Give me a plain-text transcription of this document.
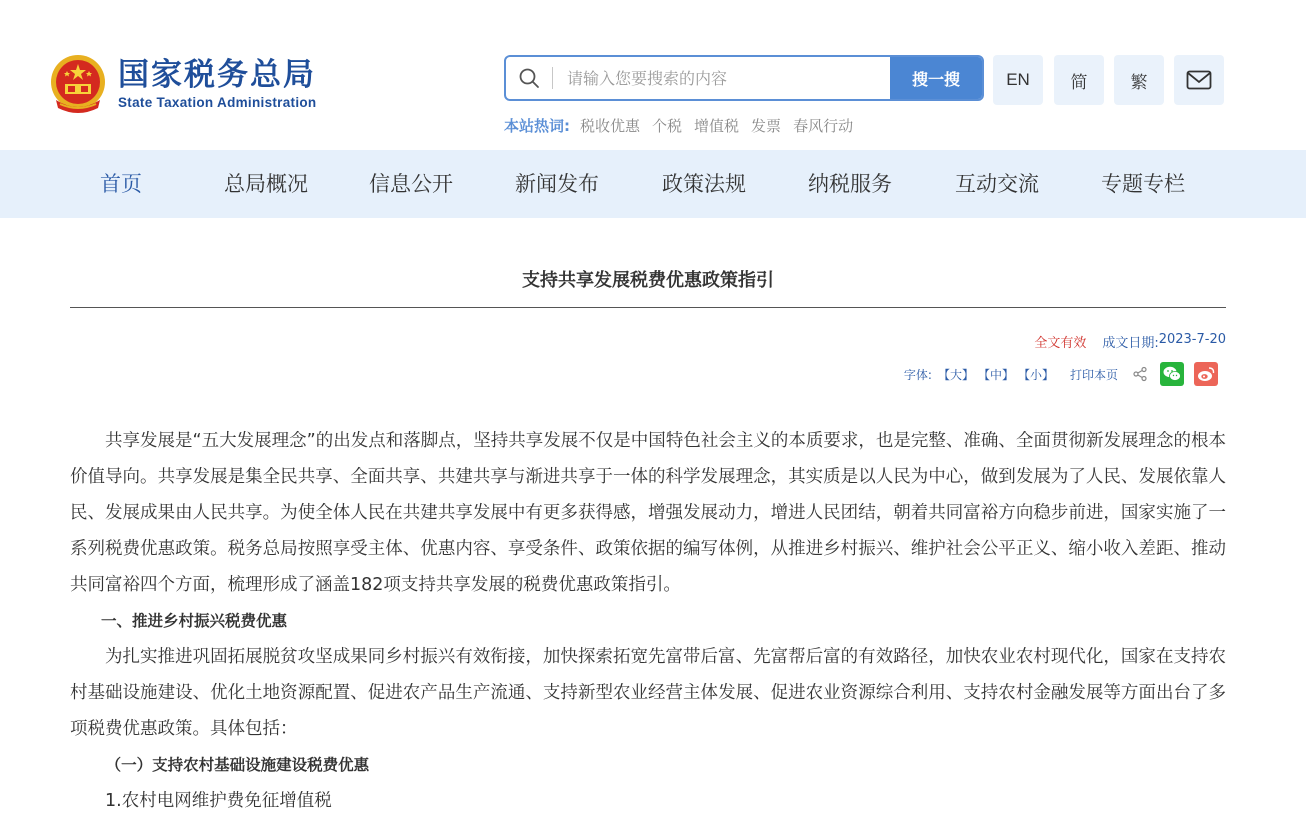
国家税务总局
State Taxation Administration
请输入您要搜索的内容
搜一搜	EN	简	繁
本站热词: 税收优惠 个税 增值税 发票 春风行动
首页	总局概况	信息公开	新闻发布	政策法规	纳税服务	互动交流	专题专栏
支持共享发展税费优惠政策指引
全文有效 成文日期: 2023-7-20
字体: 【大】 【中】 【小】 打印本页

共享发展是“五大发展理念”的出发点和落脚点，坚持共享发展不仅是中国特色社会主义的本质要求，也是完整、准确、全面贯彻新发展理念的根本价值导向。共享发展是集全民共享、全面共享、共建共享与渐进共享于一体的科学发展理念，其实质是以人民为中心，做到发展为了人民、发展依靠人民、发展成果由人民共享。为使全体人民在共建共享发展中有更多获得感，增强发展动力，增进人民团结，朝着共同富裕方向稳步前进，国家实施了一系列税费优惠政策。税务总局按照享受主体、优惠内容、享受条件、政策依据的编写体例，从推进乡村振兴、维护社会公平正义、缩小收入差距、推动共同富裕四个方面，梳理形成了涵盖182项支持共享发展的税费优惠政策指引。

一、推进乡村振兴税费优惠

为扎实推进巩固拓展脱贫攻坚成果同乡村振兴有效衔接，加快探索拓宽先富带后富、先富帮后富的有效路径，加快农业农村现代化，国家在支持农村基础设施建设、优化土地资源配置、促进农产品生产流通、支持新型农业经营主体发展、促进农业资源综合利用、支持农村金融发展等方面出台了多项税费优惠政策。具体包括：

（一）支持农村基础设施建设税费优惠

1.农村电网维护费免征增值税
